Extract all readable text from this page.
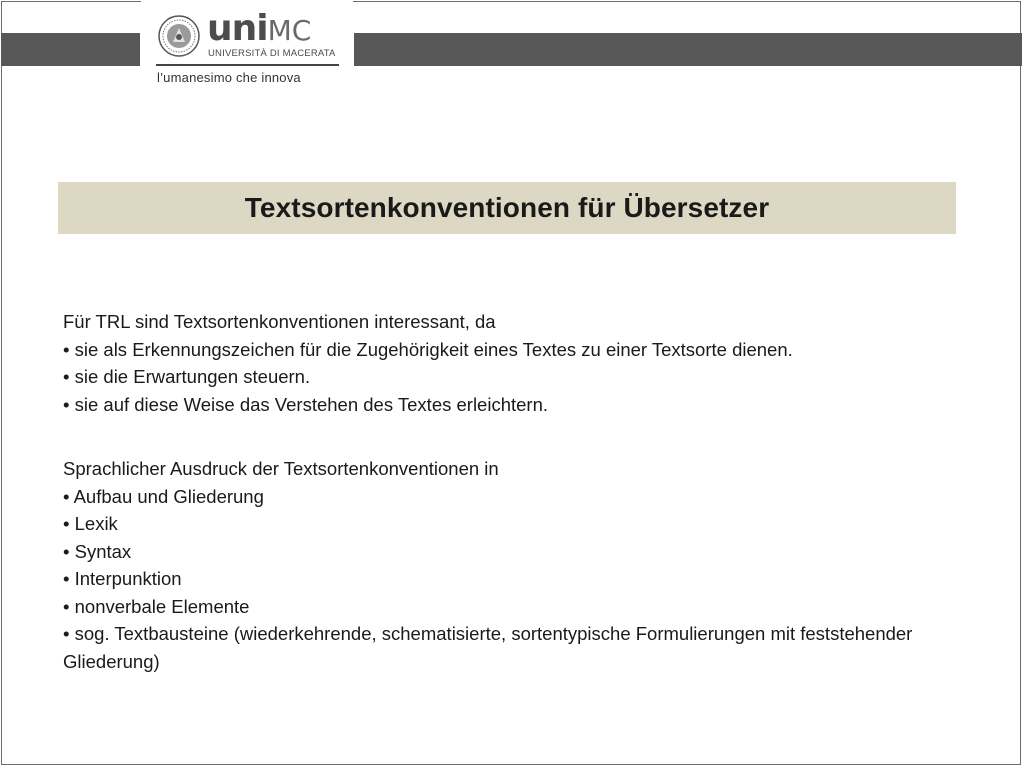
uniMC
UNIVERSITÀ DI MACERATA
l’umanesimo che innova
Textsortenkonventionen für Übersetzer
Für TRL sind Textsortenkonventionen interessant, da
• sie als Erkennungszeichen für die Zugehörigkeit eines Textes zu einer Textsorte dienen.
• sie die Erwartungen steuern.
• sie auf diese Weise das Verstehen des Textes erleichtern.
Sprachlicher Ausdruck der Textsortenkonventionen in
• Aufbau und Gliederung
• Lexik
• Syntax
• Interpunktion
• nonverbale Elemente
• sog. Textbausteine (wiederkehrende, schematisierte, sortentypische Formulierungen mit feststehender Gliederung)
